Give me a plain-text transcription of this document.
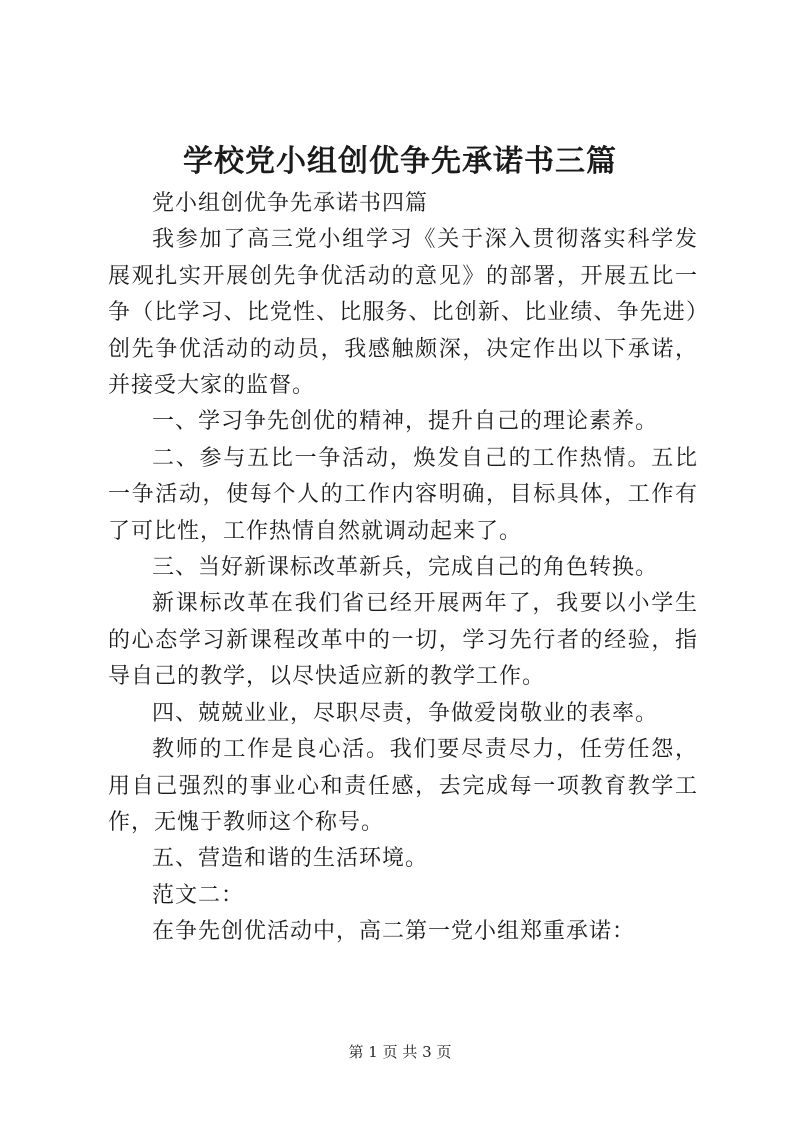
学校党小组创优争先承诺书三篇

党小组创优争先承诺书四篇

我参加了高三党小组学习《关于深入贯彻落实科学发展观扎实开展创先争优活动的意见》的部署，开展五比一争（比学习、比党性、比服务、比创新、比业绩、争先进）创先争优活动的动员，我感触颇深，决定作出以下承诺，并接受大家的监督。

一、学习争先创优的精神，提升自己的理论素养。

二、参与五比一争活动，焕发自己的工作热情。五比一争活动，使每个人的工作内容明确，目标具体，工作有了可比性，工作热情自然就调动起来了。

三、当好新课标改革新兵，完成自己的角色转换。

新课标改革在我们省已经开展两年了，我要以小学生的心态学习新课程改革中的一切，学习先行者的经验，指导自己的教学，以尽快适应新的教学工作。

四、兢兢业业，尽职尽责，争做爱岗敬业的表率。

教师的工作是良心活。我们要尽责尽力，任劳任怨，用自己强烈的事业心和责任感，去完成每一项教育教学工作，无愧于教师这个称号。

五、营造和谐的生活环境。

范文二：

在争先创优活动中，高二第一党小组郑重承诺：

第 1 页 共 3 页
